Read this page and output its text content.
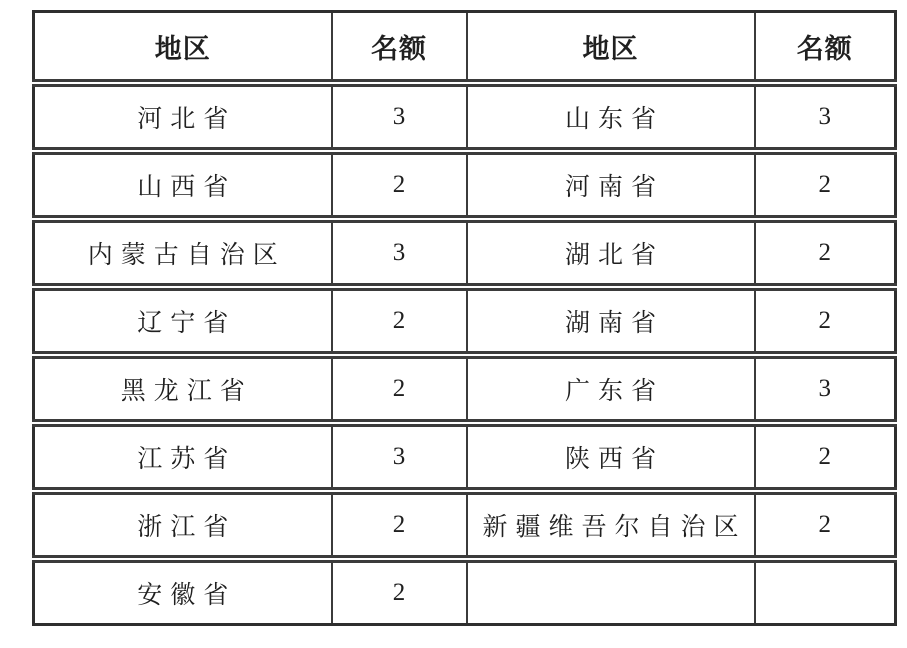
地区	名额	地区	名额
河北省	3	山东省	3
山西省	2	河南省	2
内蒙古自治区	3	湖北省	2
辽宁省	2	湖南省	2
黑龙江省	2	广东省	3
江苏省	3	陕西省	2
浙江省	2	新疆维吾尔自治区	2
安徽省	2		
